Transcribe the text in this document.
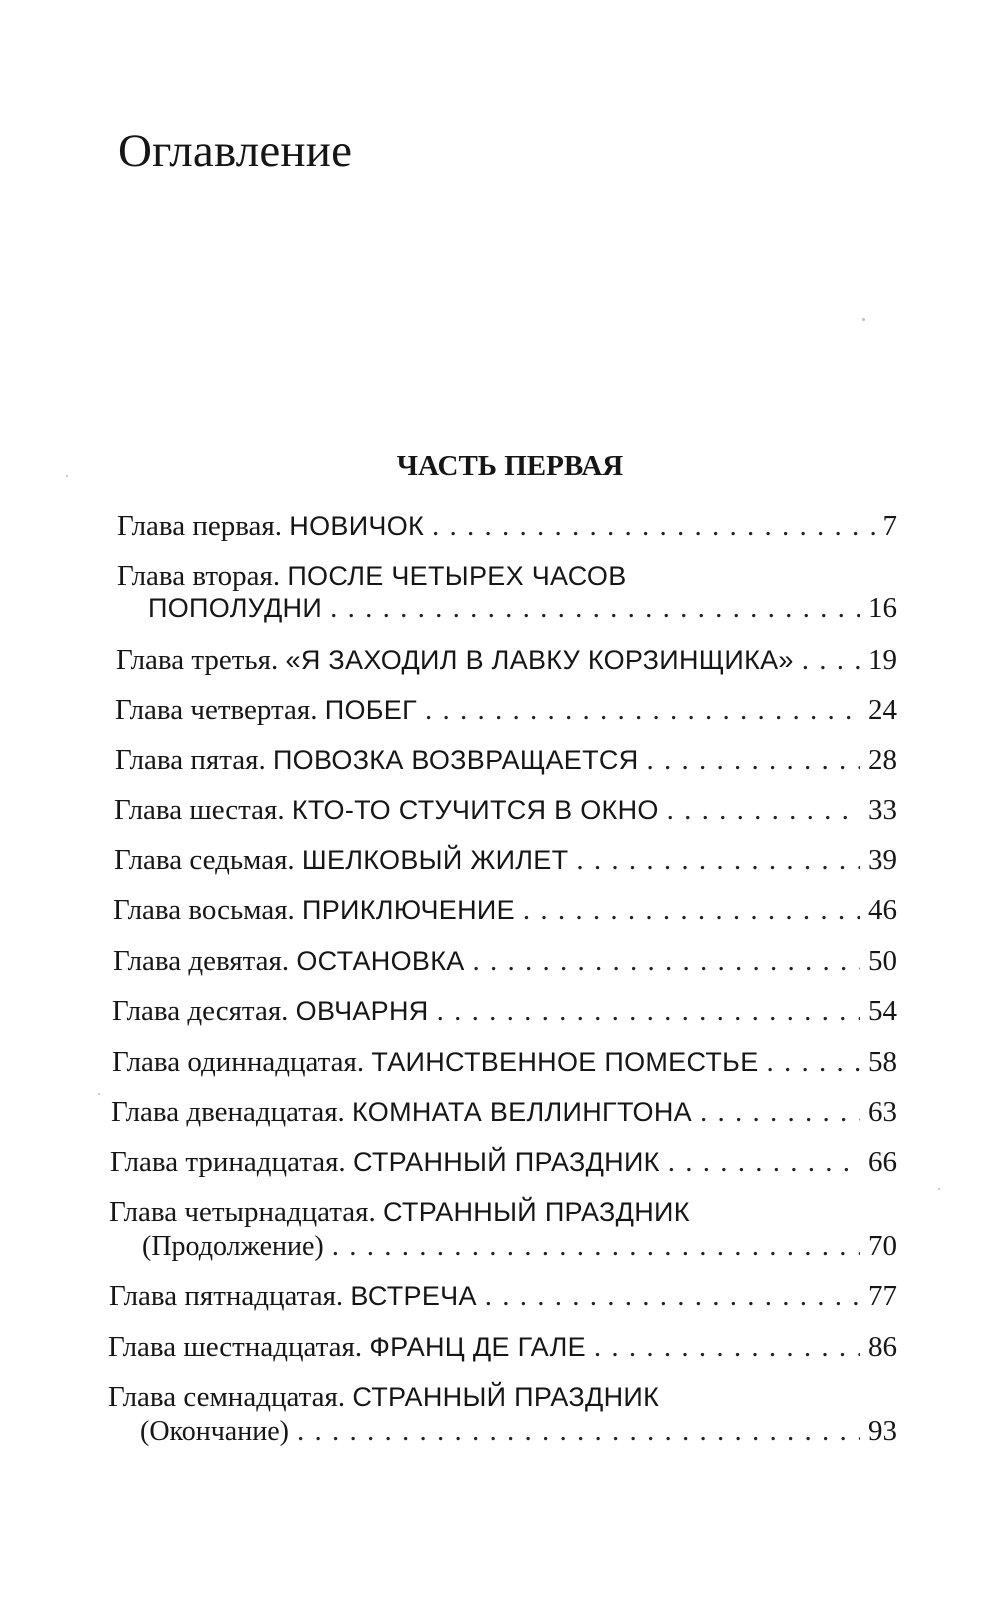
Оглавление
ЧАСТЬ ПЕРВАЯ
Глава первая. НОВИЧОК . . .	7
Глава вторая. ПОСЛЕ ЧЕТЫРЕХ ЧАСОВ
ПОПОЛУДНИ . . .	16
Глава третья. «Я ЗАХОДИЛ В ЛАВКУ КОРЗИНЩИКА» . . .	19
Глава четвертая. ПОБЕГ . . .	24
Глава пятая. ПОВОЗКА ВОЗВРАЩАЕТСЯ . . .	28
Глава шестая. КТО-ТО СТУЧИТСЯ В ОКНО . . .	33
Глава седьмая. ШЕЛКОВЫЙ ЖИЛЕТ . . .	39
Глава восьмая. ПРИКЛЮЧЕНИЕ . . .	46
Глава девятая. ОСТАНОВКА . . .	50
Глава десятая. ОВЧАРНЯ . . .	54
Глава одиннадцатая. ТАИНСТВЕННОЕ ПОМЕСТЬЕ . . .	58
Глава двенадцатая. КОМНАТА ВЕЛЛИНГТОНА . . .	63
Глава тринадцатая. СТРАННЫЙ ПРАЗДНИК . . .	66
Глава четырнадцатая. СТРАННЫЙ ПРАЗДНИК
(Продолжение) . . .	70
Глава пятнадцатая. ВСТРЕЧА . . .	77
Глава шестнадцатая. ФРАНЦ ДЕ ГАЛЕ . . .	86
Глава семнадцатая. СТРАННЫЙ ПРАЗДНИК
(Окончание) . . .	93
